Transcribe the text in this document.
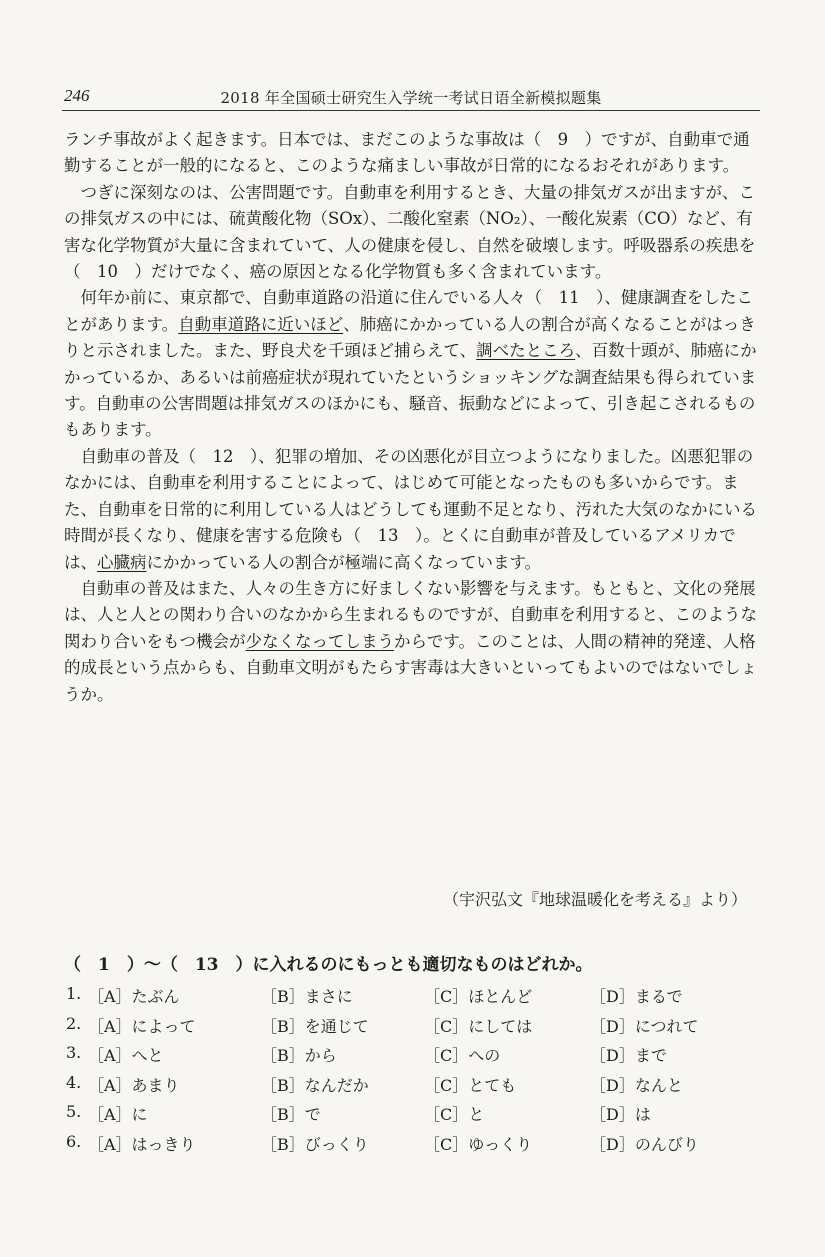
246	2018 年全国硕士研究生入学统一考试日语全新模拟题集

ランチ事故がよく起きます。日本では、まだこのような事故は（　9　）ですが、自動車で通勤することが一般的になると、このような痛ましい事故が日常的になるおそれがあります。

つぎに深刻なのは、公害問題です。自動車を利用するとき、大量の排気ガスが出ますが、この排気ガスの中には、硫黄酸化物（SOx）、二酸化窒素（NO₂）、一酸化炭素（CO）など、有害な化学物質が大量に含まれていて、人の健康を侵し、自然を破壊します。呼吸器系の疾患を（　10　）だけでなく、癌の原因となる化学物質も多く含まれています。

何年か前に、東京都で、自動車道路の沿道に住んでいる人々（　11　）、健康調査をしたことがあります。自動車道路に近いほど、肺癌にかかっている人の割合が高くなることがはっきりと示されました。また、野良犬を千頭ほど捕らえて、調べたところ、百数十頭が、肺癌にかかっているか、あるいは前癌症状が現れていたというショッキングな調査結果も得られています。自動車の公害問題は排気ガスのほかにも、騒音、振動などによって、引き起こされるものもあります。

自動車の普及（　12　）、犯罪の増加、その凶悪化が目立つようになりました。凶悪犯罪のなかには、自動車を利用することによって、はじめて可能となったものも多いからです。また、自動車を日常的に利用している人はどうしても運動不足となり、汚れた大気のなかにいる時間が長くなり、健康を害する危険も（　13　）。とくに自動車が普及しているアメリカでは、心臓病にかかっている人の割合が極端に高くなっています。

自動車の普及はまた、人々の生き方に好ましくない影響を与えます。もともと、文化の発展は、人と人との関わり合いのなかから生まれるものですが、自動車を利用すると、このような関わり合いをもつ機会が少なくなってしまうからです。このことは、人間の精神的発達、人格的成長という点からも、自動車文明がもたらす害毒は大きいといってもよいのではないでしょうか。

（宇沢弘文『地球温暖化を考える』より）
（　1　）～（　13　）に入れるのにもっとも適切なものはどれか。
1. ［A］たぶん	［B］まさに	［C］ほとんど	［D］まるで
2. ［A］によって	［B］を通じて	［C］にしては	［D］につれて
3. ［A］へと	［B］から	［C］への	［D］まで
4. ［A］あまり	［B］なんだか	［C］とても	［D］なんと
5. ［A］に	［B］で	［C］と	［D］は
6. ［A］はっきり	［B］びっくり	［C］ゆっくり	［D］のんびり
